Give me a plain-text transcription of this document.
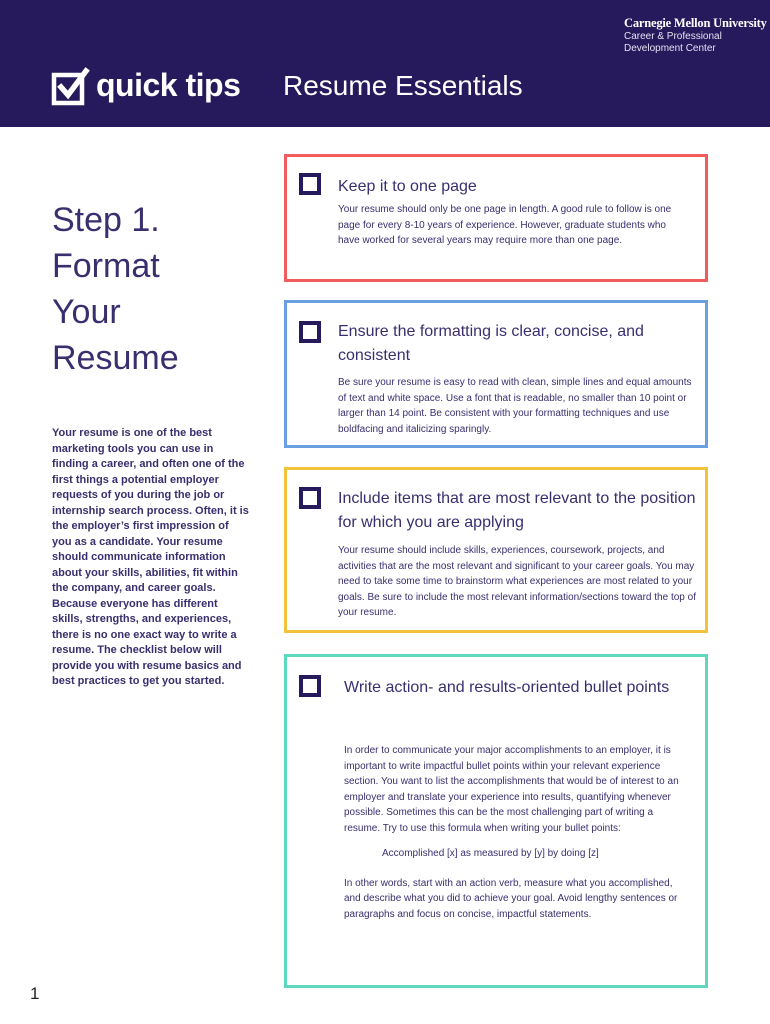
Carnegie Mellon University
Career & Professional
Development Center
quick tips Resume Essentials
Step 1.
Format
Your
Resume
Your resume is one of the best marketing tools you can use in finding a career, and often one of the first things a potential employer requests of you during the job or internship search process. Often, it is the employer’s first impression of you as a candidate. Your resume should communicate information about your skills, abilities, fit within the company, and career goals. Because everyone has different skills, strengths, and experiences, there is no one exact way to write a resume. The checklist below will provide you with resume basics and best practices to get you started.
Keep it to one page
Your resume should only be one page in length. A good rule to follow is one page for every 8-10 years of experience. However, graduate students who have worked for several years may require more than one page.
Ensure the formatting is clear, concise, and consistent
Be sure your resume is easy to read with clean, simple lines and equal amounts of text and white space. Use a font that is readable, no smaller than 10 point or larger than 14 point. Be consistent with your formatting techniques and use boldfacing and italicizing sparingly.
Include items that are most relevant to the position for which you are applying
Your resume should include skills, experiences, coursework, projects, and activities that are the most relevant and significant to your career goals. You may need to take some time to brainstorm what experiences are most related to your goals. Be sure to include the most relevant information/sections toward the top of your resume.
Write action- and results-oriented bullet points

In order to communicate your major accomplishments to an employer, it is important to write impactful bullet points within your relevant experience section. You want to list the accomplishments that would be of interest to an employer and translate your experience into results, quantifying whenever possible. Sometimes this can be the most challenging part of writing a resume. Try to use this formula when writing your bullet points:

Accomplished [x] as measured by [y] by doing [z]

In other words, start with an action verb, measure what you accomplished, and describe what you did to achieve your goal. Avoid lengthy sentences or paragraphs and focus on concise, impactful statements.

1
